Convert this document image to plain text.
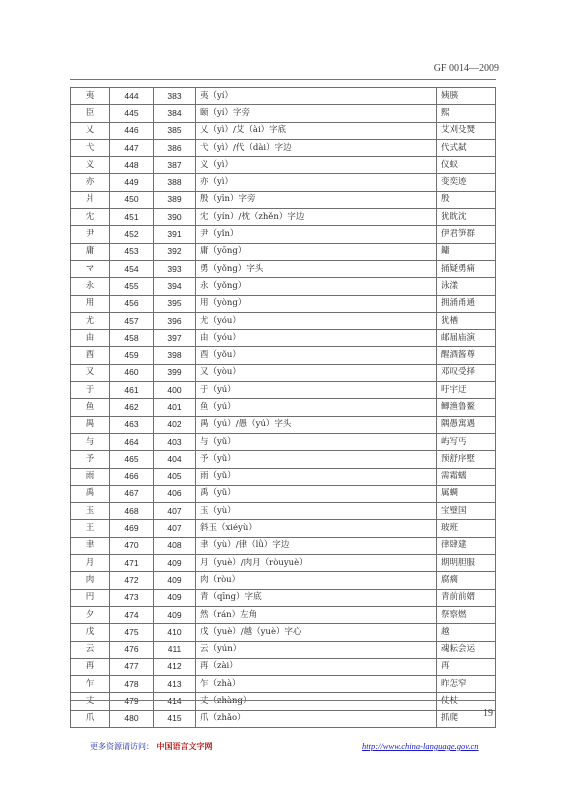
GF 0014—2009
夷	444	383	夷（yí）	姨胰
臣	445	384	颐（yí）字旁	熙
乂	446	385	乂（yì）/艾（ài）字底	艾刈殳燹
弋	447	386	弋（yì）/代（dài）字边	代式弑
义	448	387	义（yì）	仪蚁
亦	449	388	亦（yì）	变奕迹
爿	450	389	殷（yīn）字旁	殷
冘	451	390	冘（yín）/枕（zhěn）字边	犹眈沈
尹	452	391	尹（yǐn）	伊君笋群
庸	453	392	庸（yōng）	鏞
マ	454	393	勇（yǒng）字头	捅疑勇痛
永	455	394	永（yǒng）	泳漾
用	456	395	用（yòng）	拥涌甬通
尤	457	396	尤（yóu）	犹楢
由	458	397	由（yóu）	邮届庙演
酉	459	398	酉（yǒu）	醒酒酱尊
又	460	399	又（yòu）	邓叹受择
于	461	400	于（yú）	吁宇迂
鱼	462	401	鱼（yú）	鲫渔鲁鳌
禺	463	402	禺（yú）/愚（yú）字头	隅愚寓遇
与	464	403	与（yǔ）	屿写丐
予	465	404	予（yǔ）	预舒序墅
雨	466	405	雨（yǔ）	需霜蠕
禹	467	406	禹（yǔ）	属蜩
玉	468	407	玉（yù）	宝璧国
王	469	407	斜玉（xiéyù）	玻班
聿	470	408	聿（yù）/律（lǜ）字边	律肆建
月	471	409	月（yuè）/肉月（ròuyuè）	期明胆服
肉	472	409	肉（ròu）	腐瘸
円	473	409	青（qīng）字底	青前前婿
夕	474	409	然（rán）左角	祭察燃
戊	475	410	戊（yuè）/越（yuè）字心	越
云	476	411	云（yún）	魂耘会运
再	477	412	再（zài）	再
乍	478	413	乍（zhà）	昨怎窄
丈	479	414	丈（zhàng）	仗杖
爪	480	415	爪（zhǎo）	抓爬 19
更多资源请访问： 中国语言文字网	http://www.china-language.gov.cn
